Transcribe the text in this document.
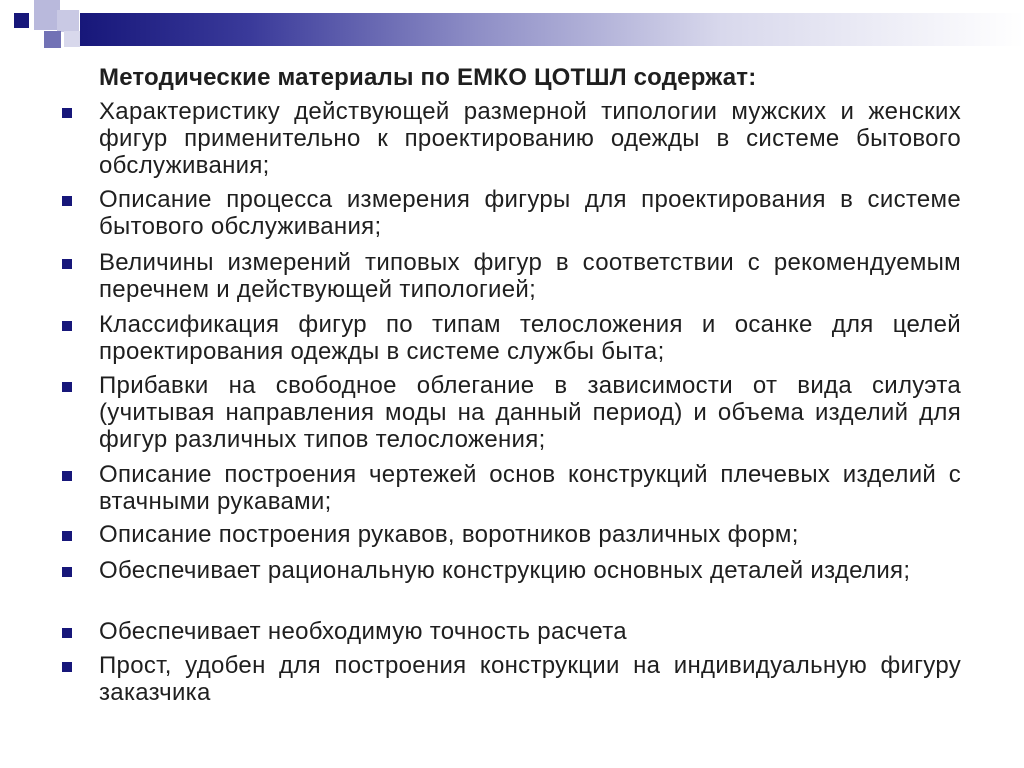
Методические материалы по ЕМКО ЦОТШЛ содержат:
Характеристику действующей размерной типологии мужских и женских фигур применительно к проектированию одежды в системе бытового обслуживания;
Описание процесса измерения фигуры для проектирования в системе бытового обслуживания;
Величины измерений типовых фигур в соответствии с рекомендуемым перечнем и действующей типологией;
Классификация фигур по типам телосложения и осанке для целей проектирования одежды в системе службы быта;
Прибавки на свободное облегание в зависимости от вида силуэта (учитывая направления моды на данный период) и объема изделий для фигур различных типов телосложения;
Описание построения чертежей основ конструкций плечевых изделий с втачными рукавами;
Описание построения рукавов, воротников различных форм;
Обеспечивает рациональную конструкцию основных деталей изделия;
Обеспечивает необходимую точность расчета
Прост, удобен для построения конструкции на индивидуальную фигуру заказчика
